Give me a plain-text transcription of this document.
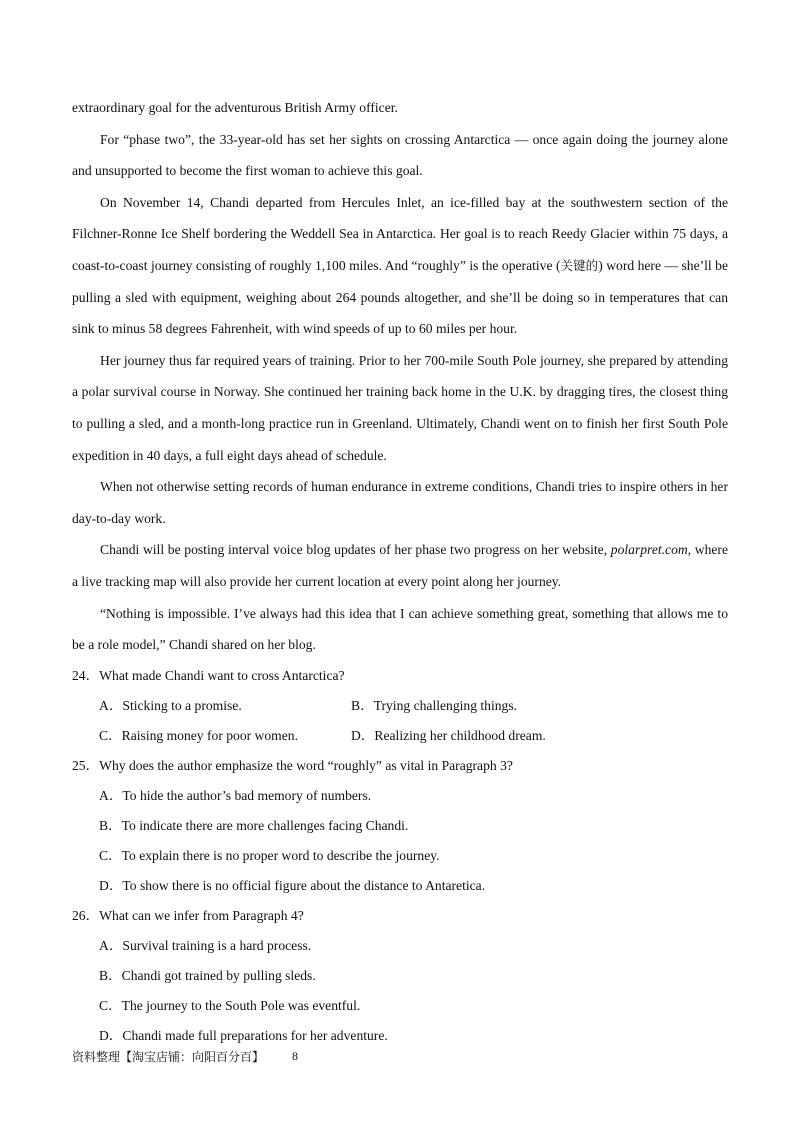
extraordinary goal for the adventurous British Army officer.

For “phase two”, the 33-year-old has set her sights on crossing Antarctica — once again doing the journey alone and unsupported to become the first woman to achieve this goal.

On November 14, Chandi departed from Hercules Inlet, an ice-filled bay at the southwestern section of the Filchner-Ronne Ice Shelf bordering the Weddell Sea in Antarctica. Her goal is to reach Reedy Glacier within 75 days, a coast-to-coast journey consisting of roughly 1,100 miles. And “roughly” is the operative (关键的) word here — she’ll be pulling a sled with equipment, weighing about 264 pounds altogether, and she’ll be doing so in temperatures that can sink to minus 58 degrees Fahrenheit, with wind speeds of up to 60 miles per hour.

Her journey thus far required years of training. Prior to her 700-mile South Pole journey, she prepared by attending a polar survival course in Norway. She continued her training back home in the U.K. by dragging tires, the closest thing to pulling a sled, and a month-long practice run in Greenland. Ultimately, Chandi went on to finish her first South Pole expedition in 40 days, a full eight days ahead of schedule.

When not otherwise setting records of human endurance in extreme conditions, Chandi tries to inspire others in her day-to-day work.

Chandi will be posting interval voice blog updates of her phase two progress on her website, polarpret.com, where a live tracking map will also provide her current location at every point along her journey.

“Nothing is impossible. I’ve always had this idea that I can achieve something great, something that allows me to be a role model,” Chandi shared on her blog.

24．What made Chandi want to cross Antarctica?

A．Sticking to a promise.	B．Trying challenging things.
C．Raising money for poor women.	D．Realizing her childhood dream.

25．Why does the author emphasize the word “roughly” as vital in Paragraph 3?

A．To hide the author’s bad memory of numbers.

B．To indicate there are more challenges facing Chandi.

C．To explain there is no proper word to describe the journey.

D．To show there is no official figure about the distance to Antaretica.

26．What can we infer from Paragraph 4?

A．Survival training is a hard process.

B．Chandi got trained by pulling sleds.

C．The journey to the South Pole was eventful.

D．Chandi made full preparations for her adventure.

资料整理【淘宝店铺：向阳百分百】 8
